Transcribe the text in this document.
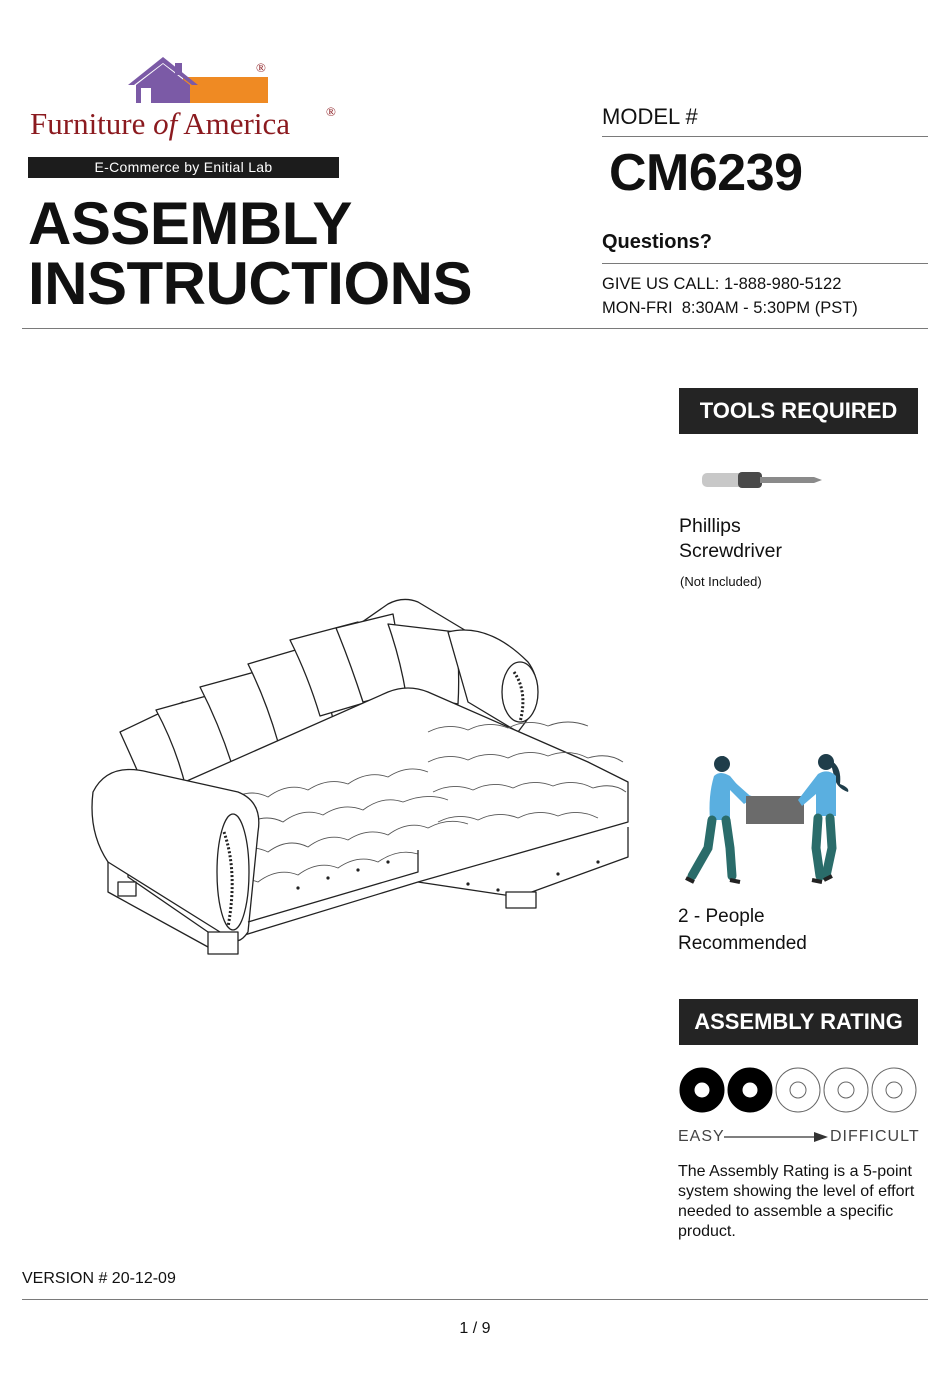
®
Furniture of America	®
E-Commerce by Enitial Lab
ASSEMBLY
INSTRUCTIONS
MODEL #
CM6239
Questions?
GIVE US CALL: 1-888-980-5122
MON-FRI  8:30AM - 5:30PM (PST)
TOOLS REQUIRED
Phillips
Screwdriver
(Not Included)
2 - People
Recommended
ASSEMBLY RATING
EASY	DIFFICULT
The Assembly Rating is a 5-point system showing the level of effort needed to assemble a specific product.
VERSION # 20-12-09
1 / 9
